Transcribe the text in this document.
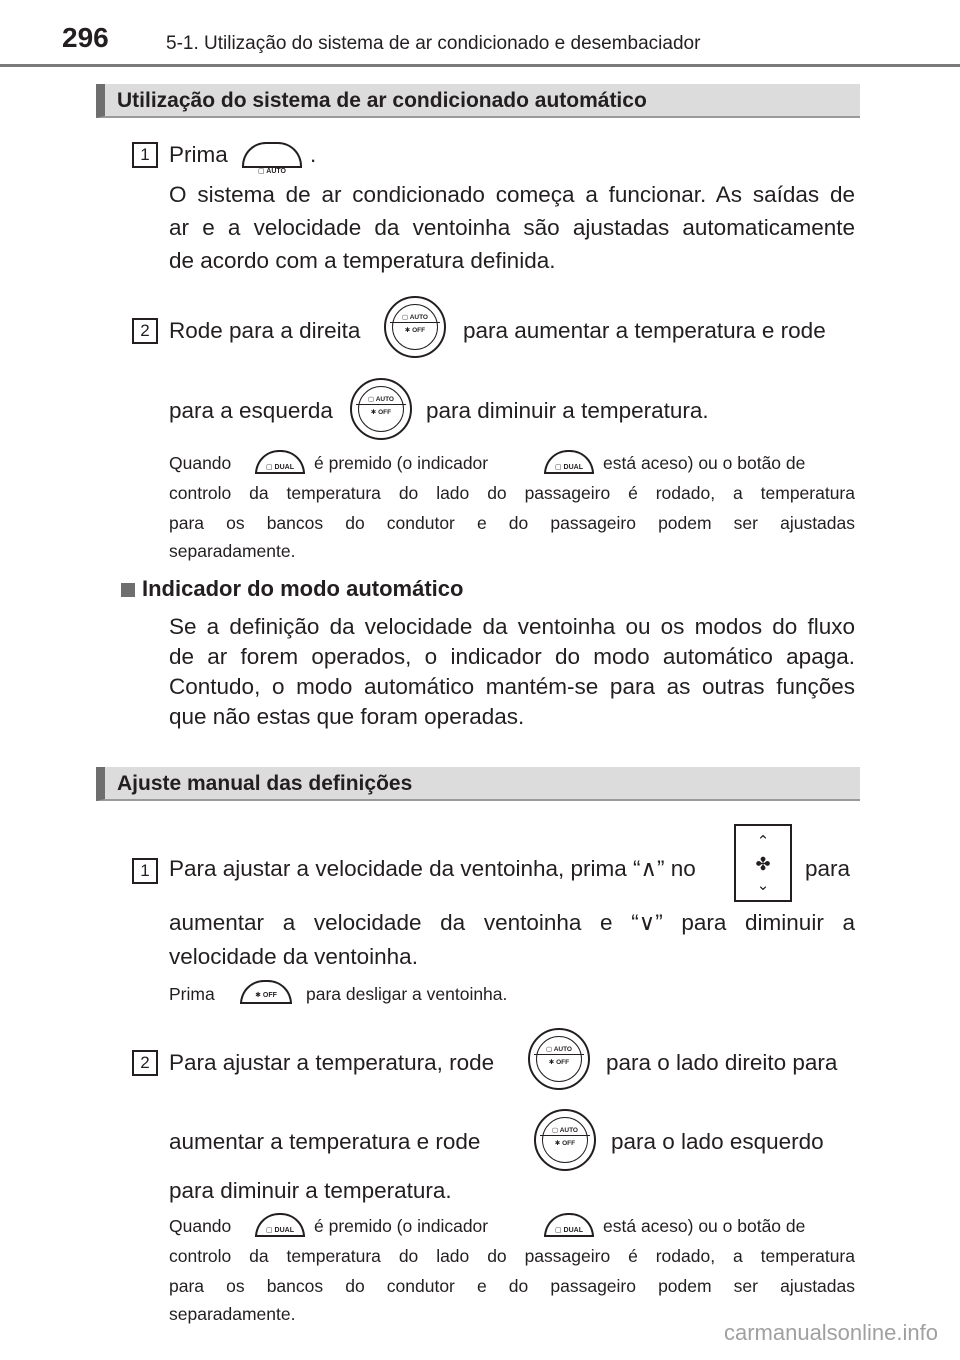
296	5-1. Utilização do sistema de ar condicionado e desembaciador
Utilização do sistema de ar condicionado automático
1 Prima
▢ AUTO
.
O sistema de ar condicionado começa a funcionar. As saídas de
ar e a velocidade da ventoinha são ajustadas automaticamente
de acordo com a temperatura definida.
2 Rode para a direita
▢ AUTO
✱ OFF	para aumentar a temperatura e rode
para a esquerda	▢ AUTO
✱ OFF	para diminuir a temperatura.
Quando	▢ DUAL	é premido (o indicador	▢ DUAL	está aceso) ou o botão de
controlo da temperatura do lado do passageiro é rodado, a temperatura
para os bancos do condutor e do passageiro podem ser ajustadas
separadamente.
Indicador do modo automático
Se a definição da velocidade da ventoinha ou os modos do fluxo
de ar forem operados, o indicador do modo automático apaga.
Contudo, o modo automático mantém-se para as outras funções
que não estas que foram operadas.
Ajuste manual das definições
1 Para ajustar a velocidade da ventoinha, prima “∧” no
⌃
✤
⌄
para
aumentar a velocidade da ventoinha e “∨” para diminuir a
velocidade da ventoinha.
Prima	✱ OFF	para desligar a ventoinha.
2 Para ajustar a temperatura, rode
▢ AUTO
✱ OFF	para o lado direito para
aumentar a temperatura e rode	▢ AUTO
✱ OFF	para o lado esquerdo
para diminuir a temperatura.
Quando	▢ DUAL	é premido (o indicador	▢ DUAL	está aceso) ou o botão de
controlo da temperatura do lado do passageiro é rodado, a temperatura
para os bancos do condutor e do passageiro podem ser ajustadas
separadamente.
carmanualsonline.info
